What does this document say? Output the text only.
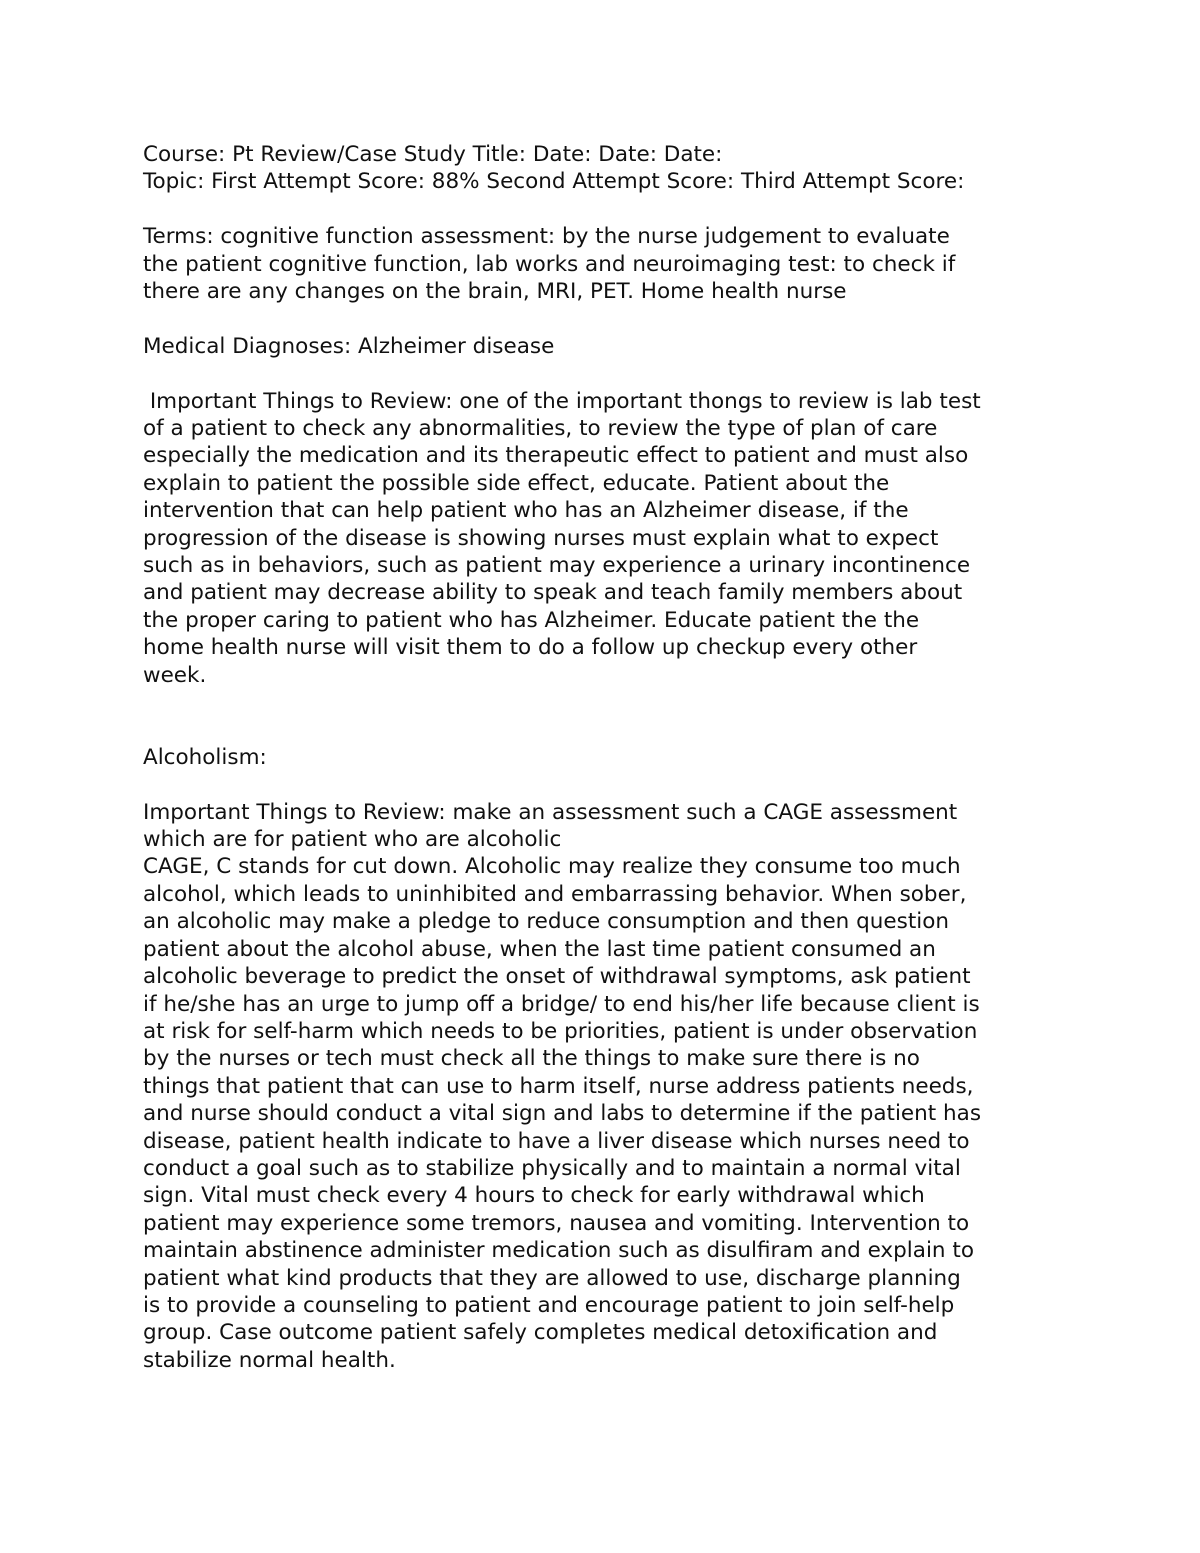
Course: Pt Review/Case Study Title: Date: Date: Date:
Topic: First Attempt Score: 88% Second Attempt Score: Third Attempt Score:
Terms: cognitive function assessment: by the nurse judgement to evaluate
the patient cognitive function, lab works and neuroimaging test: to check if
there are any changes on the brain, MRI, PET. Home health nurse
Medical Diagnoses: Alzheimer disease
Important Things to Review: one of the important thongs to review is lab test
of a patient to check any abnormalities, to review the type of plan of care
especially the medication and its therapeutic effect to patient and must also
explain to patient the possible side effect, educate. Patient about the
intervention that can help patient who has an Alzheimer disease, if the
progression of the disease is showing nurses must explain what to expect
such as in behaviors, such as patient may experience a urinary incontinence
and patient may decrease ability to speak and teach family members about
the proper caring to patient who has Alzheimer. Educate patient the the
home health nurse will visit them to do a follow up checkup every other
week.
Alcoholism:
Important Things to Review: make an assessment such a CAGE assessment
which are for patient who are alcoholic
CAGE, C stands for cut down. Alcoholic may realize they consume too much
alcohol, which leads to uninhibited and embarrassing behavior. When sober,
an alcoholic may make a pledge to reduce consumption and then question
patient about the alcohol abuse, when the last time patient consumed an
alcoholic beverage to predict the onset of withdrawal symptoms, ask patient
if he/she has an urge to jump off a bridge/ to end his/her life because client is
at risk for self-harm which needs to be priorities, patient is under observation
by the nurses or tech must check all the things to make sure there is no
things that patient that can use to harm itself, nurse address patients needs,
and nurse should conduct a vital sign and labs to determine if the patient has
disease, patient health indicate to have a liver disease which nurses need to
conduct a goal such as to stabilize physically and to maintain a normal vital
sign. Vital must check every 4 hours to check for early withdrawal which
patient may experience some tremors, nausea and vomiting. Intervention to
maintain abstinence administer medication such as disulfiram and explain to
patient what kind products that they are allowed to use, discharge planning
is to provide a counseling to patient and encourage patient to join self-help
group. Case outcome patient safely completes medical detoxification and
stabilize normal health.
